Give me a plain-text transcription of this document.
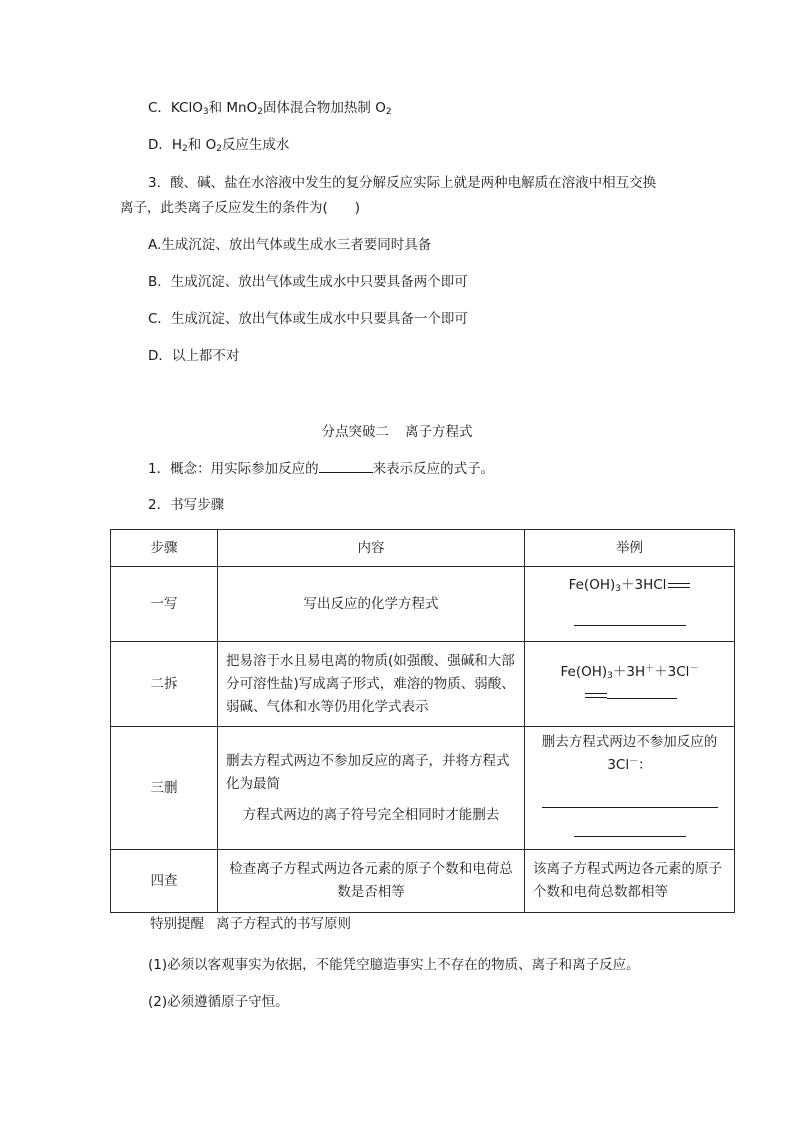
C．KClO$_3$和 MnO$_2$固体混合物加热制 $O_2$
D．$H_2$和 $O_2$反应生成水
3．酸、碱、盐在水溶液中发生的复分解反应实际上就是两种电解质在溶液中相互交换
离子，此类离子反应发生的条件为(　　)
A.生成沉淀、放出气体或生成水三者要同时具备
B．生成沉淀、放出气体或生成水中只要具备两个即可
C．生成沉淀、放出气体或生成水中只要具备一个即可
D．以上都不对
分点突破二 离子方程式
1．概念：用实际参加反应的	来表示反应的式子。
2．书写步骤
步骤	内容	举例
一写	写出反应的化学方程式	$Fe(OH)_3+3HCl$

二拆	把易溶于水且易电离的物质(如强酸、强碱和大部分可溶性盐)写成离子形式，难溶的物质、弱酸、弱碱、气体和水等仍用化学式表示	$Fe(OH)_3+3H^++3Cl^-$

三删	删去方程式两边不参加反应的离子，并将方程式化为最简
方程式两边的离子符号完全相同时才能删去	删去方程式两边不参加反应的 3Cl－：

四查	检查离子方程式两边各元素的原子个数和电荷总数是否相等	该离子方程式两边各元素的原子个数和电荷总数都相等
特别提醒 离子方程式的书写原则
(1)必须以客观事实为依据，不能凭空臆造事实上不存在的物质、离子和离子反应。
(2)必须遵循原子守恒。
